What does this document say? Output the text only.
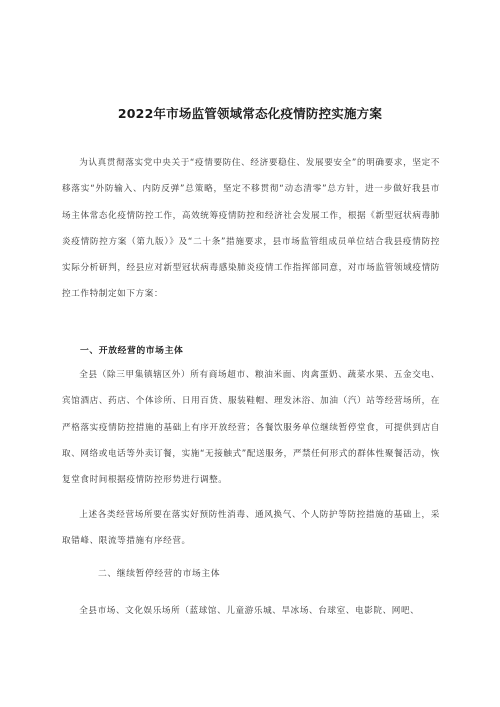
2022年市场监管领域常态化疫情防控实施方案

为认真贯彻落实党中央关于“疫情要防住、经济要稳住、发展要安全”的明确要求，坚定不移落实“外防输入、内防反弹”总策略，坚定不移贯彻“动态清零”总方针，进一步做好我县市场主体常态化疫情防控工作，高效统筹疫情防控和经济社会发展工作，根据《新型冠状病毒肺炎疫情防控方案（第九版）》及“二十条”措施要求，县市场监管组成员单位结合我县疫情防控实际分析研判，经县应对新型冠状病毒感染肺炎疫情工作指挥部同意，对市场监管领域疫情防控工作特制定如下方案：

一、开放经营的市场主体

全县（除三甲集镇辖区外）所有商场超市、粮油米面、肉禽蛋奶、蔬菜水果、五金交电、宾馆酒店、药店、个体诊所、日用百货、服装鞋帽、理发沐浴、加油（汽）站等经营场所，在严格落实疫情防控措施的基础上有序开放经营；各餐饮服务单位继续暂停堂食，可提供到店自取、网络或电话等外卖订餐，实施“无接触式”配送服务，严禁任何形式的群体性聚餐活动，恢复堂食时间根据疫情防控形势进行调整。

上述各类经营场所要在落实好预防性消毒、通风换气、个人防护等防控措施的基础上，采取错峰、限流等措施有序经营。

二、继续暂停经营的市场主体

全县市场、文化娱乐场所（蓝球馆、儿童游乐城、旱冰场、台球室、电影院、网吧、
